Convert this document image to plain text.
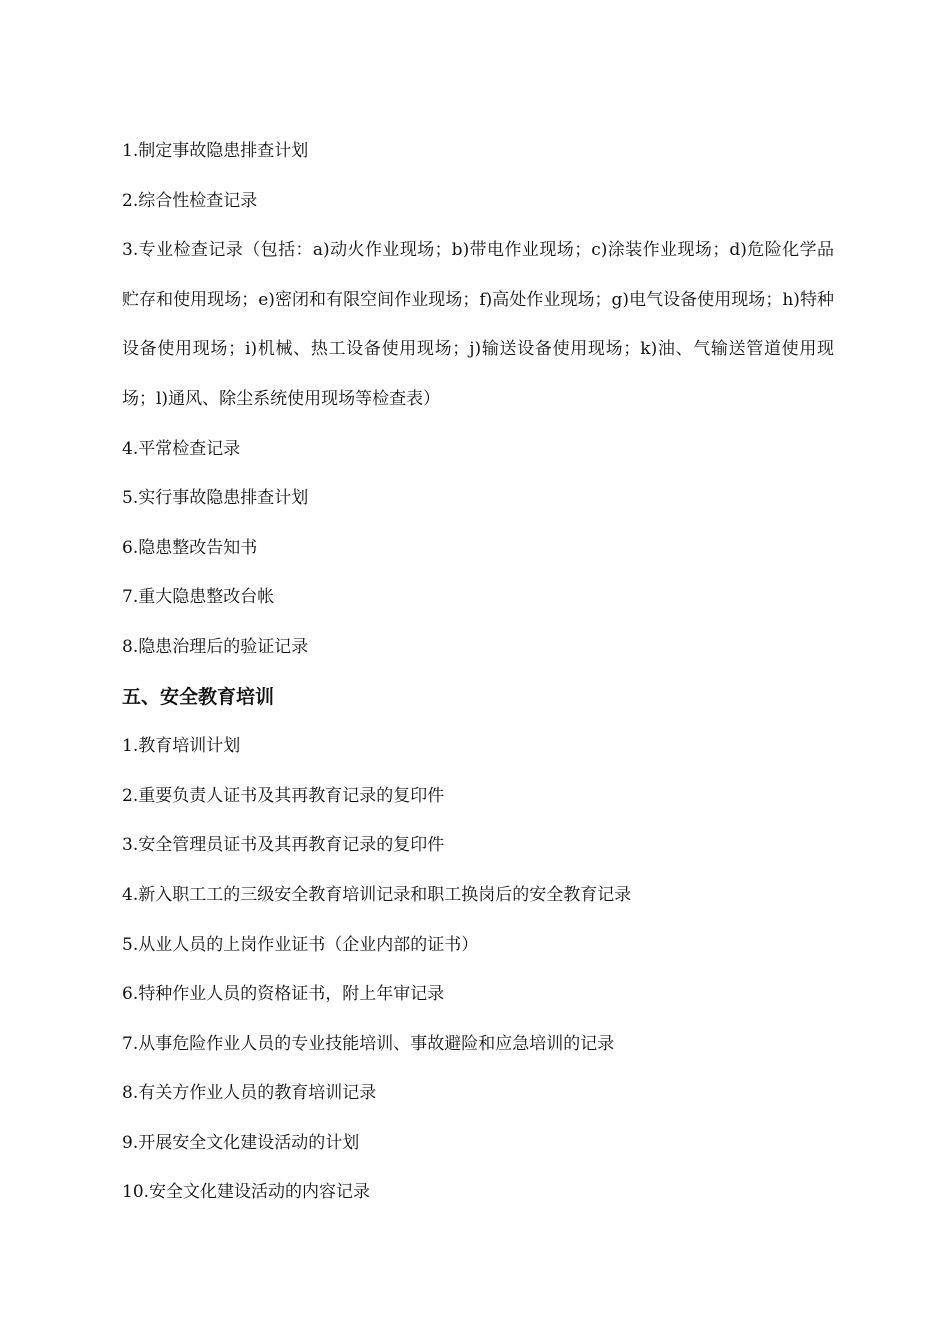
1.制定事故隐患排查计划

2.综合性检查记录

3.专业检查记录（包括：a)动火作业现场；b)带电作业现场；c)涂装作业现场；d)危险化学品贮存和使用现场；e)密闭和有限空间作业现场；f)高处作业现场；g)电气设备使用现场；h)特种设备使用现场；i)机械、热工设备使用现场；j)输送设备使用现场；k)油、气输送管道使用现场；l)通风、除尘系统使用现场等检查表）

4.平常检查记录

5.实行事故隐患排查计划

6.隐患整改告知书

7.重大隐患整改台帐

8.隐患治理后的验证记录

五、安全教育培训

1.教育培训计划

2.重要负责人证书及其再教育记录的复印件

3.安全管理员证书及其再教育记录的复印件

4.新入职工工的三级安全教育培训记录和职工换岗后的安全教育记录

5.从业人员的上岗作业证书（企业内部的证书）

6.特种作业人员的资格证书，附上年审记录

7.从事危险作业人员的专业技能培训、事故避险和应急培训的记录

8.有关方作业人员的教育培训记录

9.开展安全文化建设活动的计划

10.安全文化建设活动的内容记录
